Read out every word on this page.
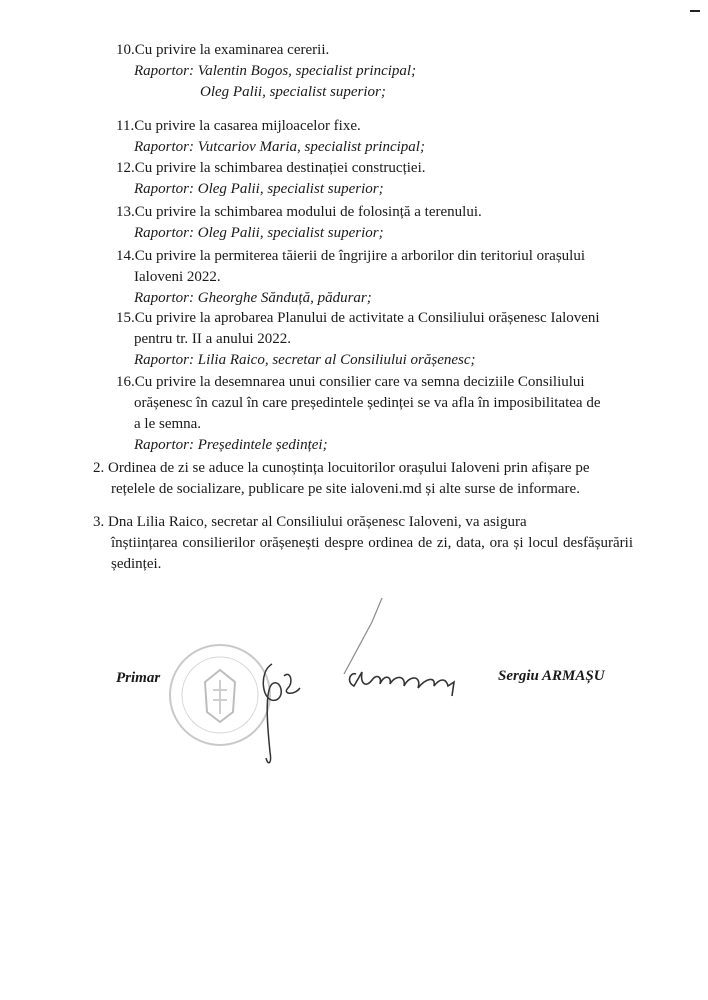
10.Cu privire la examinarea cererii.
Raportor: Valentin Bogos, specialist principal;
Oleg Palii, specialist superior;
11.Cu privire la casarea mijloacelor fixe.
Raportor: Vutcariov Maria, specialist principal;
12.Cu privire la schimbarea destinației construcției.
Raportor: Oleg Palii, specialist superior;
13.Cu privire la schimbarea modului de folosință a terenului.
Raportor: Oleg Palii, specialist superior;
14.Cu privire la permiterea tăierii de îngrijire a arborilor din teritoriul orașului
Ialoveni 2022.
Raportor: Gheorghe Sănduță, pădurar;
15.Cu privire la aprobarea Planului de activitate a Consiliului orășenesc Ialoveni
pentru tr. II a anului 2022.
Raportor: Lilia Raico, secretar al Consiliului orășenesc;
16.Cu privire la desemnarea unui consilier care va semna deciziile Consiliului
orășenesc în cazul în care președintele ședinței se va afla în imposibilitatea de
a le semna.
Raportor: Președintele ședinței;
2. Ordinea de zi se aduce la cunoștința locuitorilor orașului Ialoveni prin afișare pe
rețelele de socializare, publicare pe site ialoveni.md și alte surse de informare.
3. Dna Lilia Raico, secretar al Consiliului orășenesc Ialoveni, va asigura
înștiințarea consilierilor orășenești despre ordinea de zi, data, ora și locul desfășurării ședinței.
Primar	Sergiu ARMAȘU
